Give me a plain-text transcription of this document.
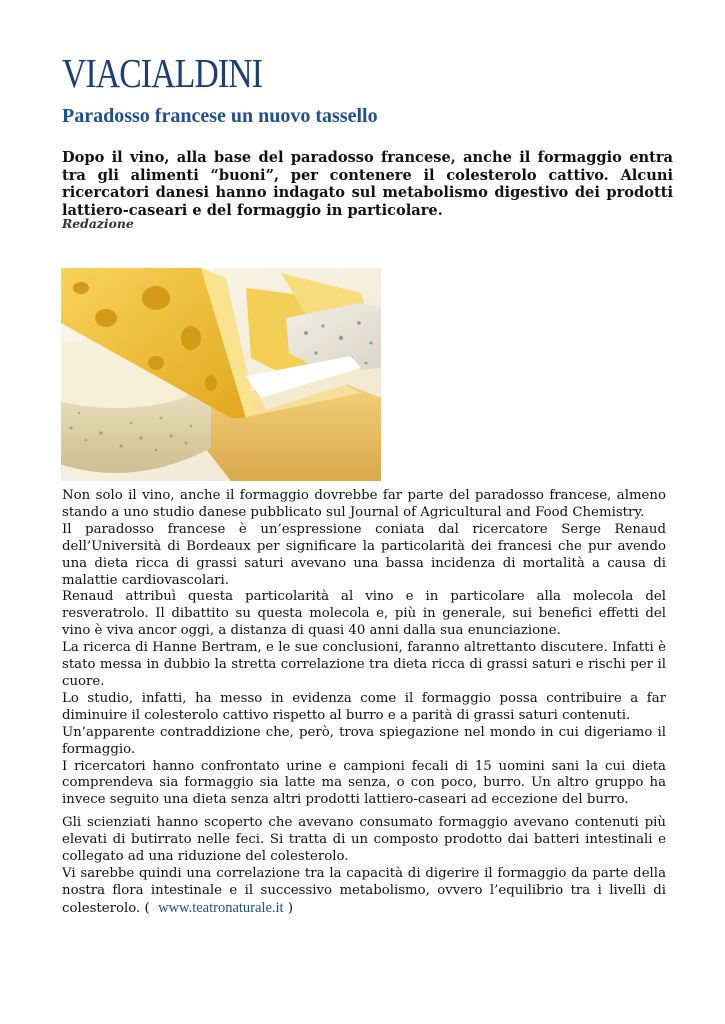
VIACIALDINI
Paradosso francese un nuovo tassello
Dopo il vino, alla base del paradosso francese, anche il formaggio entra tra gli alimenti “buoni”, per contenere il colesterolo cattivo. Alcuni ricercatori danesi hanno indagato sul metabolismo digestivo dei prodotti lattiero-caseari e del formaggio in particolare.
Redazione

Non solo il vino, anche il formaggio dovrebbe far parte del paradosso francese, almeno stando a uno studio danese pubblicato sul Journal of Agricultural and Food Chemistry.

Il paradosso francese è un’espressione coniata dal ricercatore Serge Renaud dell’Università di Bordeaux per significare la particolarità dei francesi che pur avendo una dieta ricca di grassi saturi avevano una bassa incidenza di mortalità a causa di malattie cardiovascolari.

Renaud attribuì questa particolarità al vino e in particolare alla molecola del resveratrolo. Il dibattito su questa molecola e, più in generale, sui benefici effetti del vino è viva ancor oggi, a distanza di quasi 40 anni dalla sua enunciazione.

La ricerca di Hanne Bertram, e le sue conclusioni, faranno altrettanto discutere. Infatti è stato messa in dubbio la stretta correlazione tra dieta ricca di grassi saturi e rischi per il cuore.

Lo studio, infatti, ha messo in evidenza come il formaggio possa contribuire a far diminuire il colesterolo cattivo rispetto al burro e a parità di grassi saturi contenuti.

Un’apparente contraddizione che, però, trova spiegazione nel mondo in cui digeriamo il formaggio.

I ricercatori hanno confrontato urine e campioni fecali di 15 uomini sani la cui dieta comprendeva sia formaggio sia latte ma senza, o con poco, burro. Un altro gruppo ha invece seguito una dieta senza altri prodotti lattiero-caseari ad eccezione del burro.

Gli scienziati hanno scoperto che avevano consumato formaggio avevano contenuti più elevati di butirrato nelle feci. Si tratta di un composto prodotto dai batteri intestinali e collegato ad una riduzione del colesterolo.

Vi sarebbe quindi una correlazione tra la capacità di digerire il formaggio da parte della nostra flora intestinale e il successivo metabolismo, ovvero l’equilibrio tra i livelli di colesterolo. ( www.teatronaturale.it )
